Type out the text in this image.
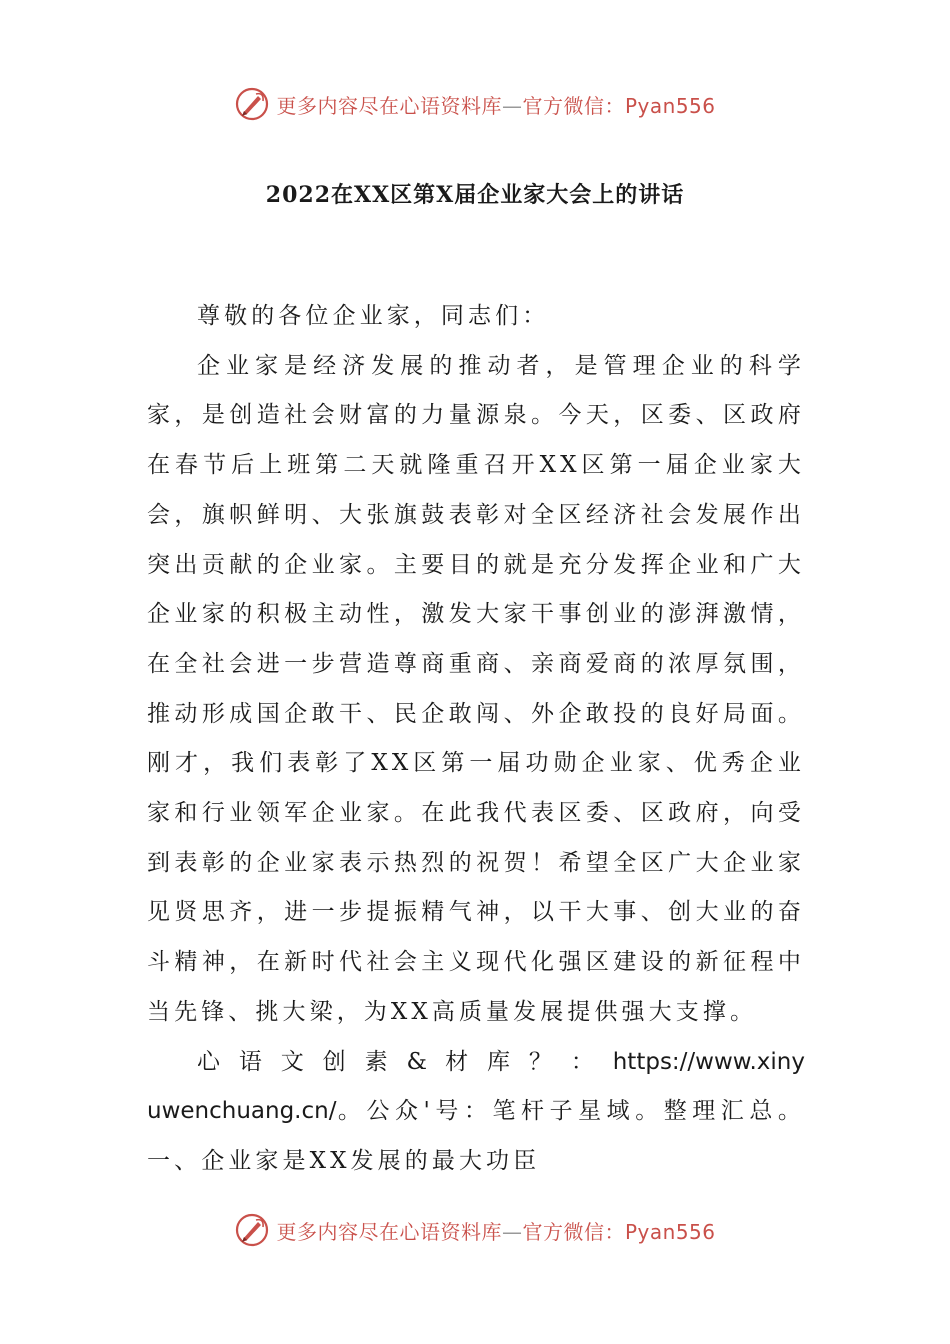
更多内容尽在心语资料库—官方微信：Pyan556
2022在XX区第X届企业家大会上的讲话

尊敬的各位企业家，同志们：

企业家是经济发展的推动者，是管理企业的科学家，是创造社会财富的力量源泉。今天，区委、区政府在春节后上班第二天就隆重召开XX区第一届企业家大会，旗帜鲜明、大张旗鼓表彰对全区经济社会发展作出突出贡献的企业家。主要目的就是充分发挥企业和广大企业家的积极主动性，激发大家干事创业的澎湃激情，在全社会进一步营造尊商重商、亲商爱商的浓厚氛围，推动形成国企敢干、民企敢闯、外企敢投的良好局面。刚才，我们表彰了XX区第一届功勋企业家、优秀企业家和行业领军企业家。在此我代表区委、区政府，向受到表彰的企业家表示热烈的祝贺！希望全区广大企业家见贤思齐，进一步提振精气神，以干大事、创大业的奋斗精神，在新时代社会主义现代化强区建设的新征程中当先锋、挑大梁，为XX高质量发展提供强大支撑。

心 语 文 创 素 & 材 库 ？ ： https://www.xinyuwenchuang.cn/。公众'号：笔杆子星域。整理汇总。一、企业家是XX发展的最大功臣

更多内容尽在心语资料库—官方微信：Pyan556
